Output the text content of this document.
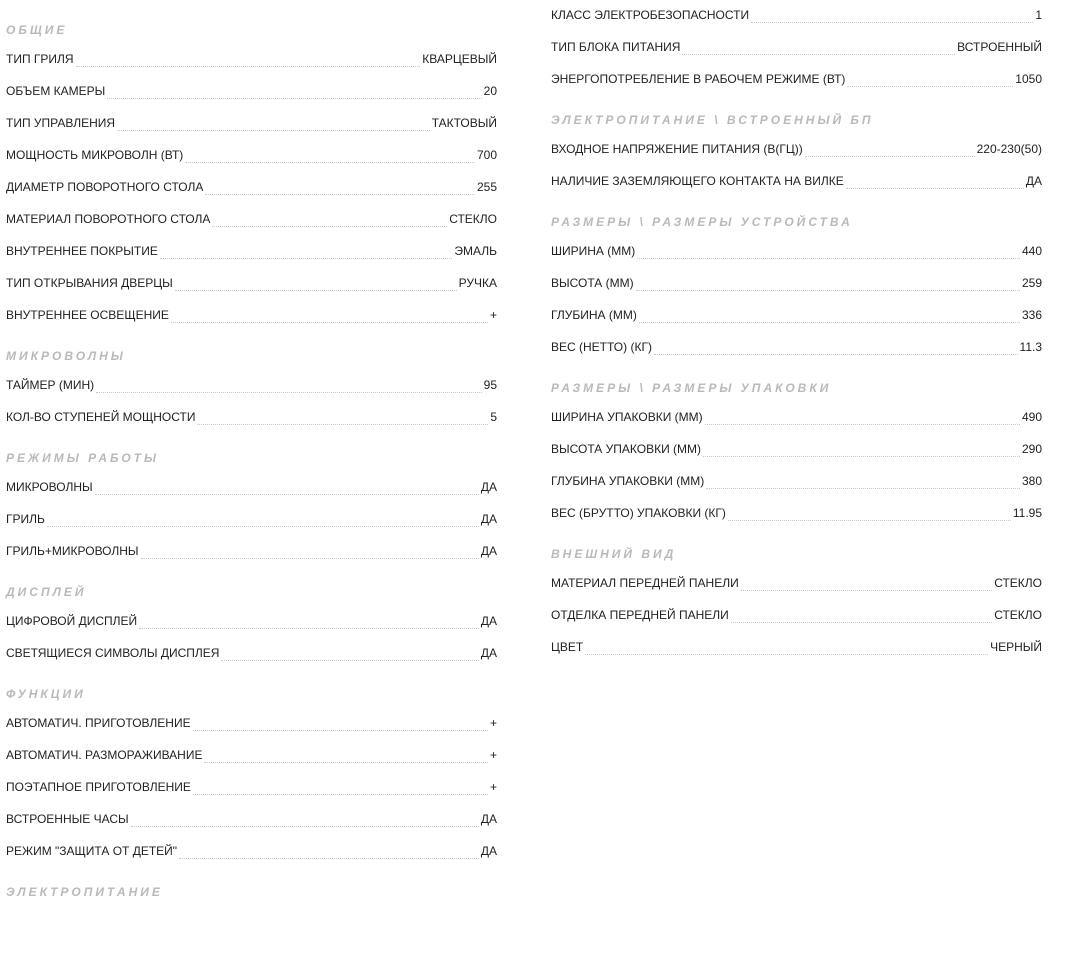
ОБЩИЕ
ТИП ГРИЛЯ	КВАРЦЕВЫЙ
ОБЪЕМ КАМЕРЫ	20
ТИП УПРАВЛЕНИЯ	ТАКТОВЫЙ
МОЩНОСТЬ МИКРОВОЛН (ВТ)	700
ДИАМЕТР ПОВОРОТНОГО СТОЛА	255
МАТЕРИАЛ ПОВОРОТНОГО СТОЛА	СТЕКЛО
ВНУТРЕННЕЕ ПОКРЫТИЕ	ЭМАЛЬ
ТИП ОТКРЫВАНИЯ ДВЕРЦЫ	РУЧКА
ВНУТРЕННЕЕ ОСВЕЩЕНИЕ	+
МИКРОВОЛНЫ
ТАЙМЕР (МИН)	95
КОЛ-ВО СТУПЕНЕЙ МОЩНОСТИ	5
РЕЖИМЫ РАБОТЫ
МИКРОВОЛНЫ	ДА
ГРИЛЬ	ДА
ГРИЛЬ+МИКРОВОЛНЫ	ДА
ДИСПЛЕЙ
ЦИФРОВОЙ ДИСПЛЕЙ	ДА
СВЕТЯЩИЕСЯ СИМВОЛЫ ДИСПЛЕЯ	ДА
ФУНКЦИИ
АВТОМАТИЧ. ПРИГОТОВЛЕНИЕ	+
АВТОМАТИЧ. РАЗМОРАЖИВАНИЕ	+
ПОЭТАПНОЕ ПРИГОТОВЛЕНИЕ	+
ВСТРОЕННЫЕ ЧАСЫ	ДА
РЕЖИМ "ЗАЩИТА ОТ ДЕТЕЙ"	ДА
ЭЛЕКТРОПИТАНИЕ
КЛАСС ЭЛЕКТРОБЕЗОПАСНОСТИ	1
ТИП БЛОКА ПИТАНИЯ	ВСТРОЕННЫЙ
ЭНЕРГОПОТРЕБЛЕНИЕ В РАБОЧЕМ РЕЖИМЕ (ВТ)	1050
ЭЛЕКТРОПИТАНИЕ \ ВСТРОЕННЫЙ БП
ВХОДНОЕ НАПРЯЖЕНИЕ ПИТАНИЯ (В(ГЦ))	220-230(50)
НАЛИЧИЕ ЗАЗЕМЛЯЮЩЕГО КОНТАКТА НА ВИЛКЕ	ДА
РАЗМЕРЫ \ РАЗМЕРЫ УСТРОЙСТВА
ШИРИНА (ММ)	440
ВЫСОТА (ММ)	259
ГЛУБИНА (ММ)	336
ВЕС (НЕТТО) (КГ)	11.3
РАЗМЕРЫ \ РАЗМЕРЫ УПАКОВКИ
ШИРИНА УПАКОВКИ (ММ)	490
ВЫСОТА УПАКОВКИ (ММ)	290
ГЛУБИНА УПАКОВКИ (ММ)	380
ВЕС (БРУТТО) УПАКОВКИ (КГ)	11.95
ВНЕШНИЙ ВИД
МАТЕРИАЛ ПЕРЕДНЕЙ ПАНЕЛИ	СТЕКЛО
ОТДЕЛКА ПЕРЕДНЕЙ ПАНЕЛИ	СТЕКЛО
ЦВЕТ	ЧЕРНЫЙ
